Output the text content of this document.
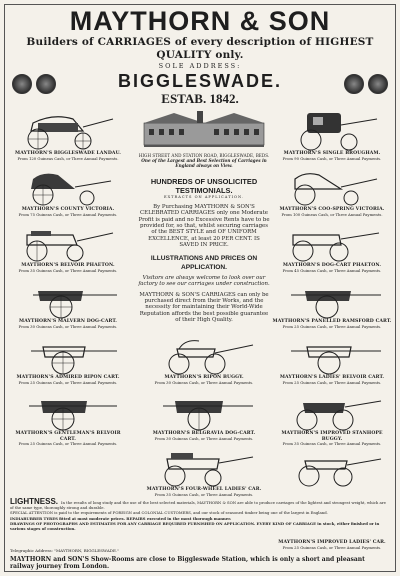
MAYTHORN & SON
Builders of CARRIAGES of every description of HIGHEST QUALITY only.
SOLE ADDRESS:
BIGGLESWADE.
ESTAB. 1842.
MAYTHORN'S BIGGLESWADE LANDAU.
From 120 Guineas Cash, or Three Annual Payments.
MAYTHORN'S COUNTY VICTORIA.
From 75 Guineas Cash, or Three Annual Payments.
MAYTHORN'S BELVOIR PHAETON.
From 35 Guineas Cash, or Three Annual Payments.
MAYTHORN'S MALVERN DOG-CART.
From 30 Guineas Cash, or Three Annual Payments.
MAYTHORN'S ADMIRED RIPON CART.
From 25 Guineas Cash, or Three Annual Payments.
MAYTHORN'S GENTLEMAN'S BELVOIR CART.
From 25 Guineas Cash, or Three Annual Payments.
HIGH STREET AND STATION ROAD, BIGGLESWADE, BEDS.
One of the Largest and Best Selection of Carriages in England always on View.
HUNDREDS OF UNSOLICITED TESTIMONIALS.
EXTRACTS ON APPLICATION.
By Purchasing MAYTHORN & SON'S CELEBRATED CARRIAGES only one Moderate Profit is paid and no Excessive Rents have to be provided for, so that, whilst securing carriages of the BEST STYLE and OF UNIFORM EXCELLENCE, at least 20 PER CENT. IS SAVED IN PRICE.
ILLUSTRATIONS AND PRICES ON APPLICATION.
Visitors are always welcome to look over our factory to see our carriages under construction.
MAYTHORN & SON'S CARRIAGES can only be purchased direct from their Works, and the necessity for maintaining their World-Wide Reputation affords the best possible guarantee of their High Quality.
MAYTHORN'S RIPON BUGGY.
From 30 Guineas Cash, or Three Annual Payments.
MAYTHORN'S BELGRAVIA DOG-CART.
From 30 Guineas Cash, or Three Annual Payments.
MAYTHORN'S FOUR-WHEEL LADIES' CAR.
From 35 Guineas Cash, or Three Annual Payments.
MAYTHORN'S SINGLE BROUGHAM.
From 90 Guineas Cash, or Three Annual Payments.
MAYTHORN'S COO-SPRING VICTORIA.
From 100 Guineas Cash, or Three Annual Payments.
MAYTHORN'S DOG-CART PHAETON.
From 45 Guineas Cash, or Three Annual Payments.
MAYTHORN'S PANELLED RAMSFORD CART.
From 25 Guineas Cash, or Three Annual Payments.
MAYTHORN'S LADIES' BELVOIR CART.
From 25 Guineas Cash, or Three Annual Payments.
MAYTHORN'S IMPROVED STANHOPE BUGGY.
From 35 Guineas Cash, or Three Annual Payments.

LIGHTNESS. In the results of long study and the use of the best selected materials, MAYTHORN & SON are able to produce carriages of the lightest and strongest weight, which are of the same type, thoroughly strong and durable.

SPECIAL ATTENTION is paid to the requirements of FOREIGN and COLONIAL CUSTOMERS, and our stock of seasoned timber being one of the largest in England.

INDIARUBBER TYRES fitted at most moderate prices. REPAIRS executed in the most thorough manner.

DRAWINGS OF PHOTOGRAPHS AND ESTIMATES FOR ANY CARRIAGE REQUIRED FURNISHED ON APPLICATION. EVERY KIND OF CARRIAGE in stock, either finished or in various stages of construction.

MAYTHORN'S IMPROVED LADIES' CAR.
From 25 Guineas Cash, or Three Annual Payments.
Telegraphic Address: "MAYTHORN, BIGGLESWADE."
MAYTHORN and SON'S Show-Rooms are close to Biggleswade Station, which is only a short and pleasant railway journey from London.
